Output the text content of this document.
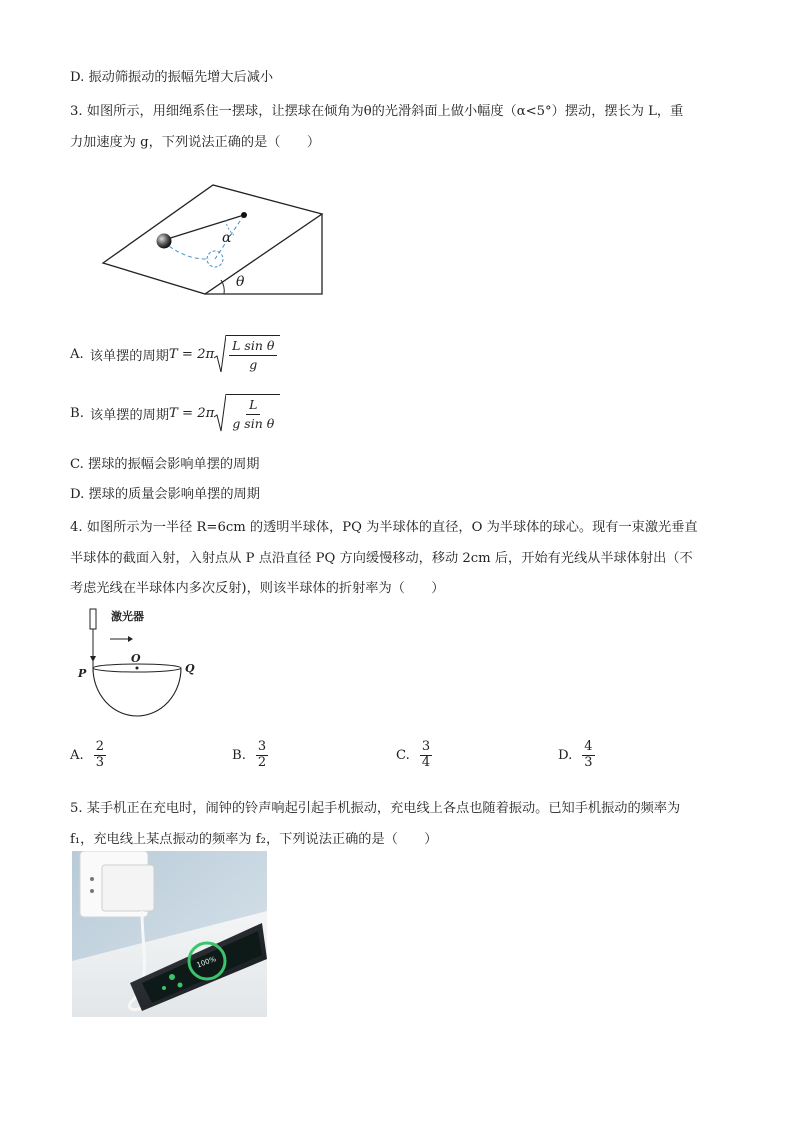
D. 振动筛振动的振幅先增大后减小
3. 如图所示，用细绳系住一摆球，让摆球在倾角为θ的光滑斜面上做小幅度（α<5°）摆动，摆长为 L，重
力加速度为 g，下列说法正确的是（　　）
θ
α
A. 该单摆的周期 T = 2π
L sin θ
g
B. 该单摆的周期 T = 2π
L
g sin θ
C. 摆球的振幅会影响单摆的周期
D. 摆球的质量会影响单摆的周期
4. 如图所示为一半径 R=6cm 的透明半球体，PQ 为半球体的直径，O 为半球体的球心。现有一束激光垂直
半球体的截面入射，入射点从 P 点沿直径 PQ 方向缓慢移动，移动 2cm 后，开始有光线从半球体射出（不
考虑光线在半球体内多次反射)，则该半球体的折射率为（　　）
激光器
P
O
Q
A. $\frac{2}{3}$	B. $\frac{3}{2}$	C. $\frac{3}{4}$	D. $\frac{4}{3}$
5. 某手机正在充电时，闹钟的铃声响起引起手机振动，充电线上各点也随着振动。已知手机振动的频率为
f₁，充电线上某点振动的频率为 f₂，下列说法正确的是（　　）
100%
